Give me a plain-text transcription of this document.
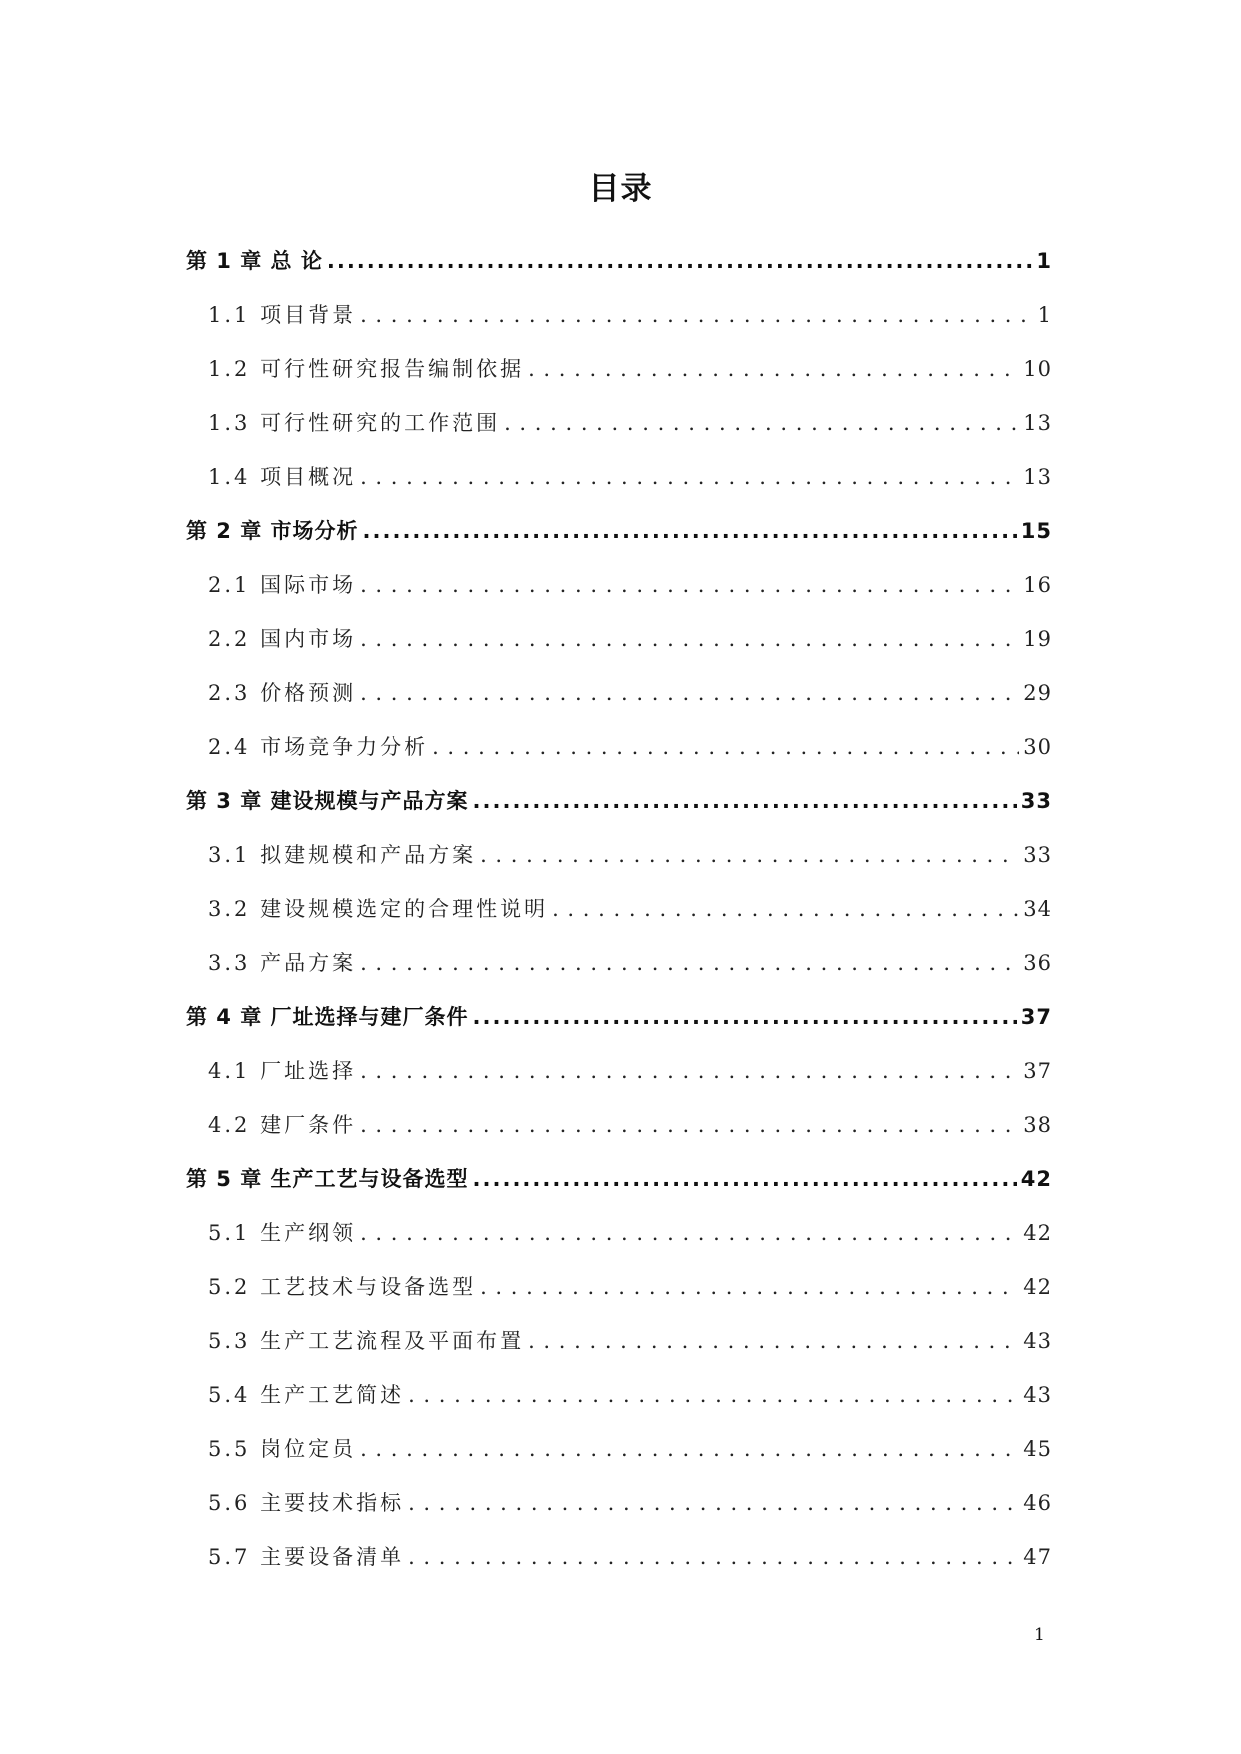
目录
第 1 章 总 论 .....	1
1.1 项目背景 . . .	1
1.2 可行性研究报告编制依据 . . .	10
1.3 可行性研究的工作范围 . . .	13
1.4 项目概况 . . .	13
第 2 章 市场分析 .....	15
2.1 国际市场 . . .	16
2.2 国内市场 . . .	19
2.3 价格预测 . . .	29
2.4 市场竞争力分析 . . .	30
第 3 章 建设规模与产品方案 .....	33
3.1 拟建规模和产品方案 . . .	33
3.2 建设规模选定的合理性说明 . . .	34
3.3 产品方案 . . .	36
第 4 章 厂址选择与建厂条件 .....	37
4.1 厂址选择 . . .	37
4.2 建厂条件 . . .	38
第 5 章 生产工艺与设备选型 .....	42
5.1 生产纲领 . . .	42
5.2 工艺技术与设备选型 . . .	42
5.3 生产工艺流程及平面布置 . . .	43
5.4 生产工艺简述 . . .	43
5.5 岗位定员 . . .	45
5.6 主要技术指标 . . .	46
5.7 主要设备清单 . . .	47
1
